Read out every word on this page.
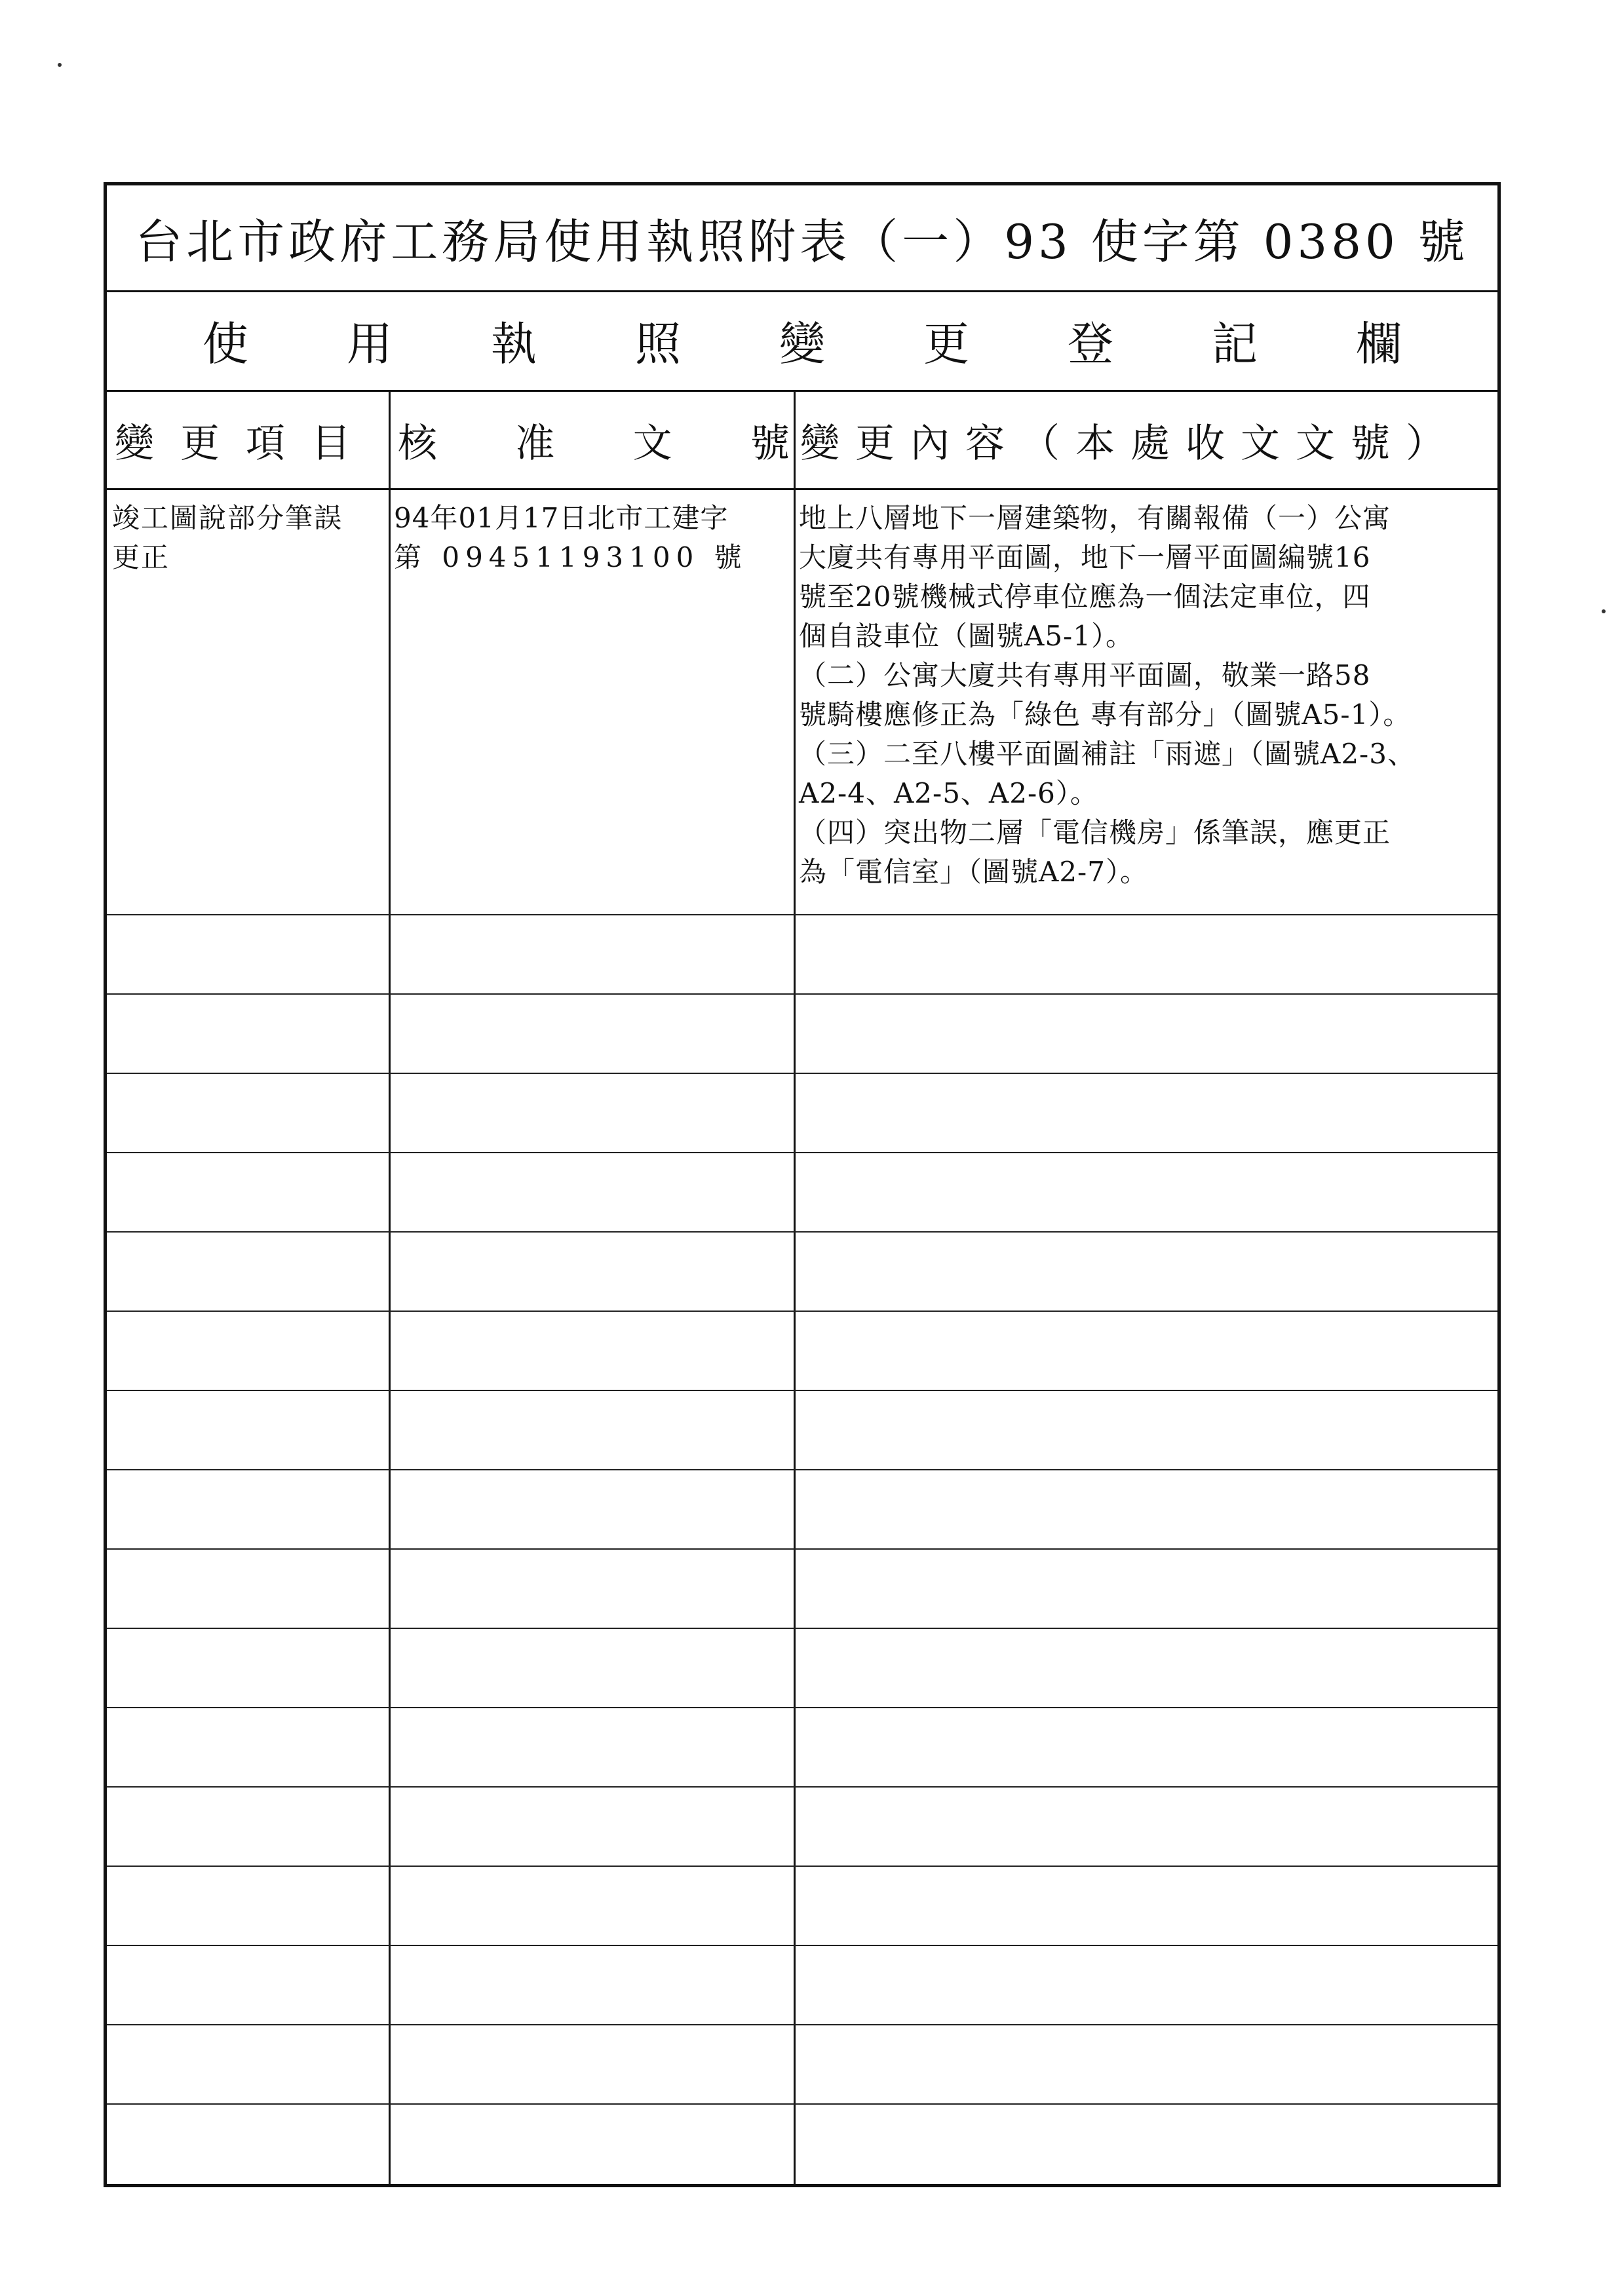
台北市政府工務局使用執照附表（一）93 使字第 0380 號
使用執照變更登記欄
變更項目 核 准 文 號 變更內容（本處收文文號）
竣工圖說部分筆誤
更正
94年01月17日北市工建字
第 09451193100 號
地上八層地下一層建築物，有關報備（一）公寓
大廈共有專用平面圖，地下一層平面圖編號16
號至20號機械式停車位應為一個法定車位，四
個自設車位（圖號A5-1）。
（二）公寓大廈共有專用平面圖，敬業一路58
號騎樓應修正為「綠色 專有部分」（圖號A5-1）。
（三）二至八樓平面圖補註「雨遮」（圖號A2-3、
A2-4、A2-5、A2-6）。
（四）突出物二層「電信機房」係筆誤，應更正
為「電信室」（圖號A2-7）。
